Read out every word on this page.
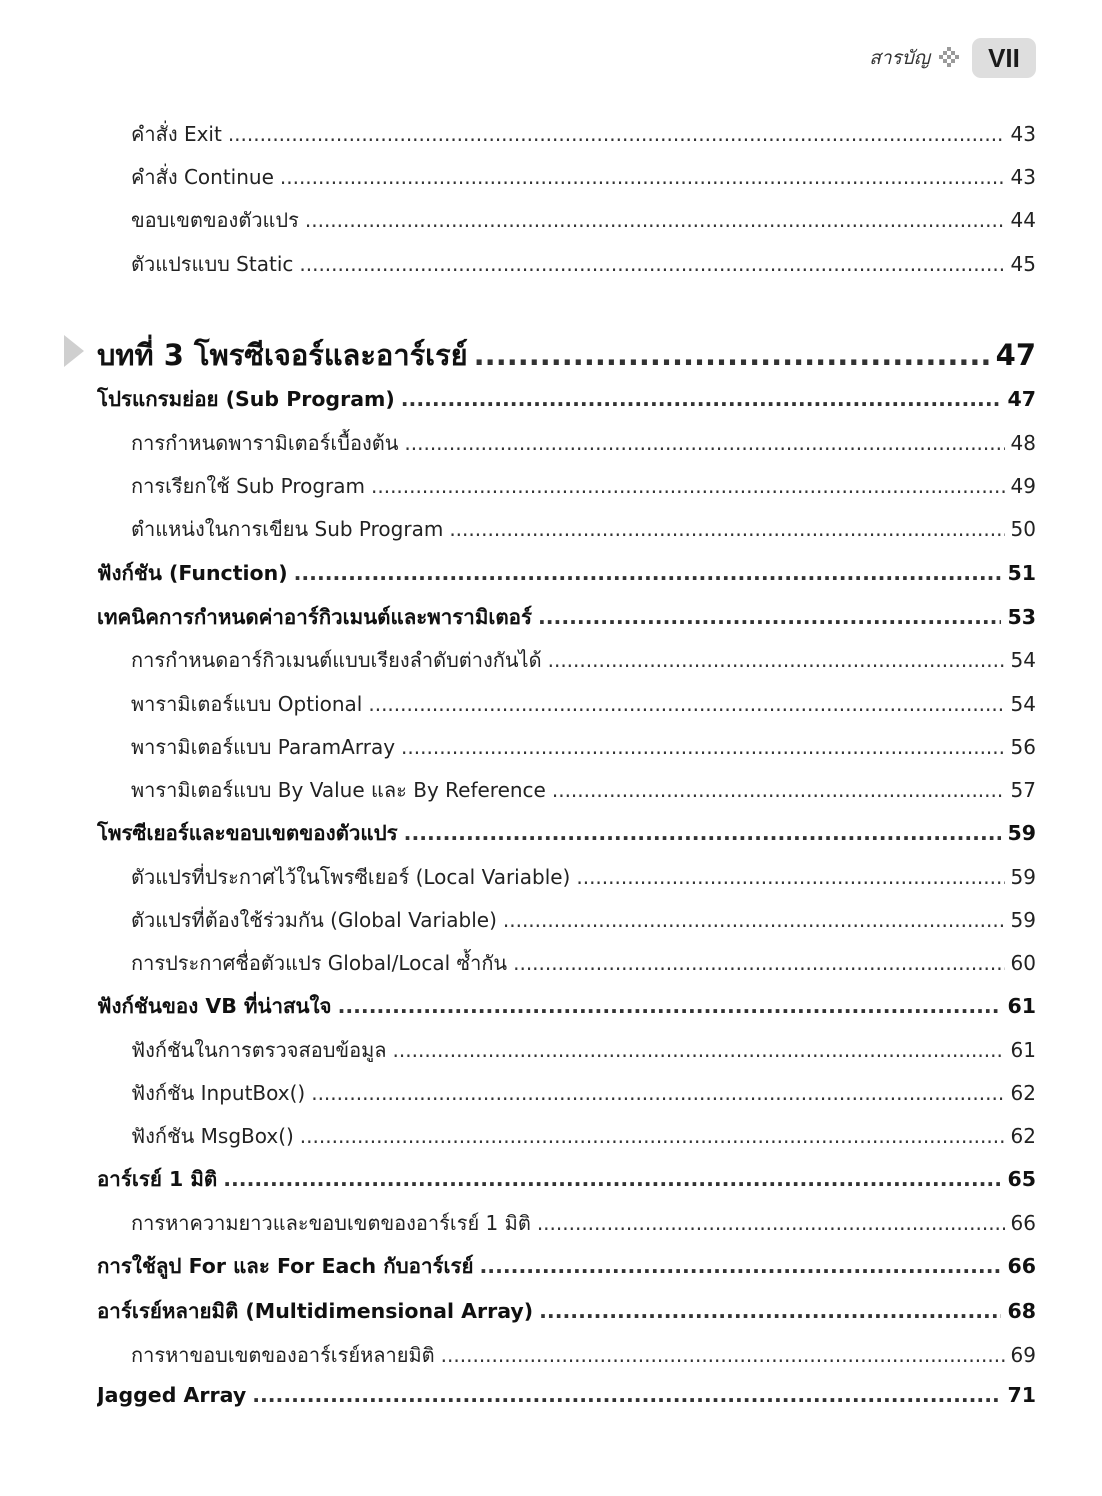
สารบัญ	VII
คำสั่ง Exit .....	43
คำสั่ง Continue .....	43
ขอบเขตของตัวแปร .....	44
ตัวแปรแบบ Static .....	45
บทที่ 3 โพรซีเจอร์และอาร์เรย์ .....	47
โปรแกรมย่อย (Sub Program) .....	47
การกำหนดพารามิเตอร์เบื้องต้น .....	48
การเรียกใช้ Sub Program .....	49
ตำแหน่งในการเขียน Sub Program .....	50
ฟังก์ชัน (Function) .....	51
เทคนิคการกำหนดค่าอาร์กิวเมนต์และพารามิเตอร์ .....	53
การกำหนดอาร์กิวเมนต์แบบเรียงลำดับต่างกันได้ .....	54
พารามิเตอร์แบบ Optional .....	54
พารามิเตอร์แบบ ParamArray .....	56
พารามิเตอร์แบบ By Value และ By Reference .....	57
โพรซีเยอร์และขอบเขตของตัวแปร .....	59
ตัวแปรที่ประกาศไว้ในโพรซีเยอร์ (Local Variable) .....	59
ตัวแปรที่ต้องใช้ร่วมกัน (Global Variable) .....	59
การประกาศชื่อตัวแปร Global/Local ซ้ำกัน .....	60
ฟังก์ชันของ VB ที่น่าสนใจ .....	61
ฟังก์ชันในการตรวจสอบข้อมูล .....	61
ฟังก์ชัน InputBox() .....	62
ฟังก์ชัน MsgBox() .....	62
อาร์เรย์ 1 มิติ .....	65
การหาความยาวและขอบเขตของอาร์เรย์ 1 มิติ .....	66
การใช้ลูป For และ For Each กับอาร์เรย์ .....	66
อาร์เรย์หลายมิติ (Multidimensional Array) .....	68
การหาขอบเขตของอาร์เรย์หลายมิติ .....	69
Jagged Array .....	71
